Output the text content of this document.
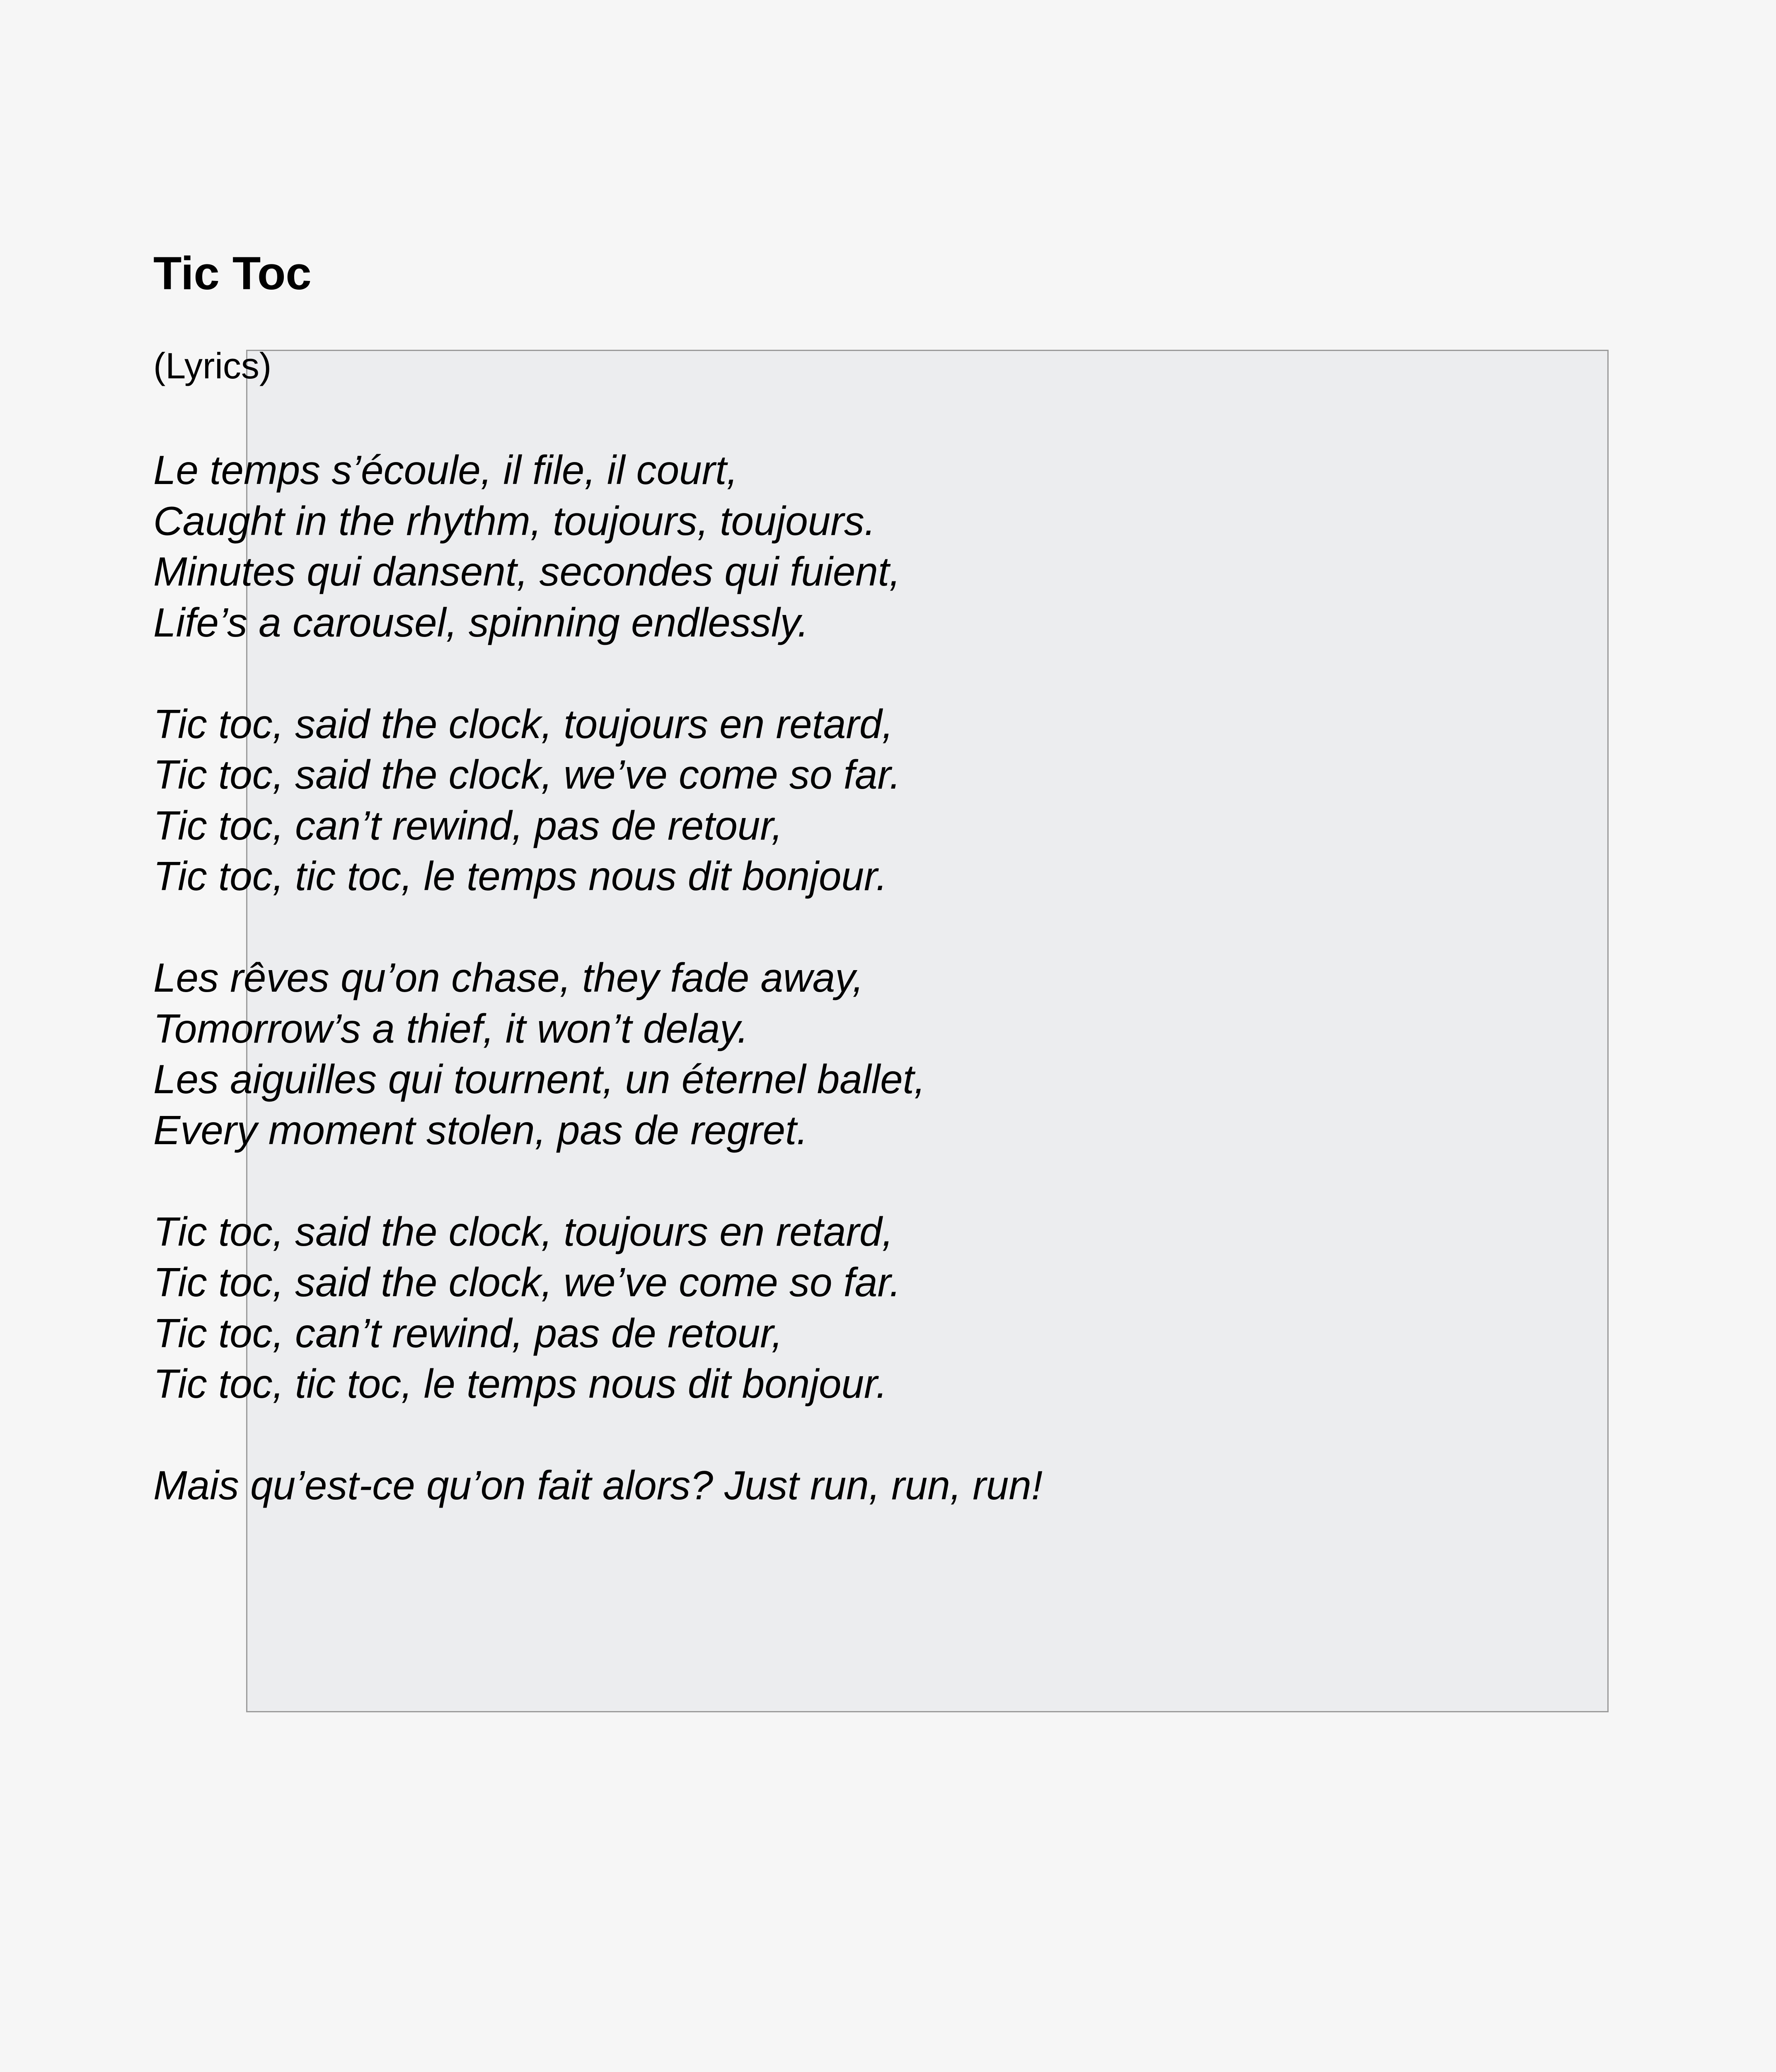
Tic Toc

(Lyrics)

Le temps s’écoule, il file, il court,
Caught in the rhythm, toujours, toujours.
Minutes qui dansent, secondes qui fuient,
Life’s a carousel, spinning endlessly.

Tic toc, said the clock, toujours en retard,
Tic toc, said the clock, we’ve come so far.
Tic toc, can’t rewind, pas de retour,
Tic toc, tic toc, le temps nous dit bonjour.

Les rêves qu’on chase, they fade away,
Tomorrow’s a thief, it won’t delay.
Les aiguilles qui tournent, un éternel ballet,
Every moment stolen, pas de regret.

Tic toc, said the clock, toujours en retard,
Tic toc, said the clock, we’ve come so far.
Tic toc, can’t rewind, pas de retour,
Tic toc, tic toc, le temps nous dit bonjour.

Mais qu’est-ce qu’on fait alors? Just run, run, run!
